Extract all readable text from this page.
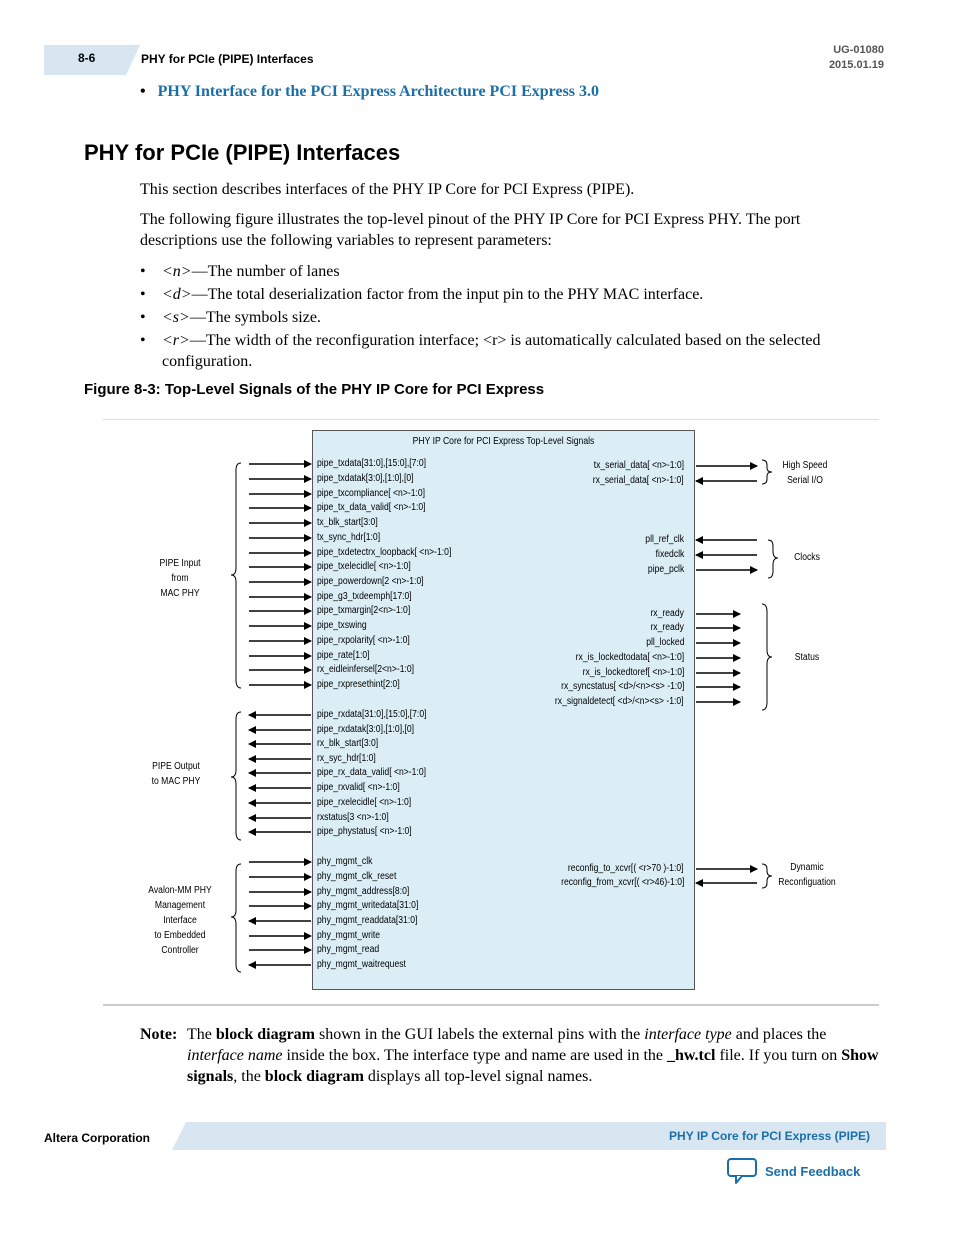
8-6	PHY for PCIe (PIPE) Interfaces
UG-01080
2015.01.19
• PHY Interface for the PCI Express Architecture PCI Express 3.0
PHY for PCIe (PIPE) Interfaces

This section describes interfaces of the PHY IP Core for PCI Express (PIPE).

The following figure illustrates the top-level pinout of the PHY IP Core for PCI Express PHY. The port descriptions use the following variables to represent parameters:

• <n>—The number of lanes
• <d>—The total deserialization factor from the input pin to the PHY MAC interface.
• <s>—The symbols size.
• <r>—The width of the reconfiguration interface; <r> is automatically calculated based on the selected configuration.
Figure 8-3: Top-Level Signals of the PHY IP Core for PCI Express
PHY IP Core for PCI Express Top-Level Signals
pipe_txdata[31:0],[15:0],[7:0]
pipe_txdatak[3:0],[1:0],[0]
pipe_txcompliance[ <n>-1:0]
pipe_tx_data_valid[ <n>-1:0]
tx_blk_start[3:0]
tx_sync_hdr[1:0]
pipe_txdetectrx_loopback[ <n>-1:0]
pipe_txelecidle[ <n>-1:0]
pipe_powerdown[2 <n>-1:0]
pipe_g3_txdeemph[17:0]
pipe_txmargin[2<n>-1:0]
pipe_txswing
pipe_rxpolarity[ <n>-1:0]
pipe_rate[1:0]
rx_eidleinfersel[2<n>-1:0]
pipe_rxpresethint[2:0]
pipe_rxdata[31:0],[15:0],[7:0]
pipe_rxdatak[3:0],[1:0],[0]
rx_blk_start[3:0]
rx_syc_hdr[1:0]
pipe_rx_data_valid[ <n>-1:0]
pipe_rxvalid[ <n>-1:0]
pipe_rxelecidle[ <n>-1:0]
rxstatus[3 <n>-1:0]
pipe_phystatus[ <n>-1:0]
phy_mgmt_clk
phy_mgmt_clk_reset
phy_mgmt_address[8:0]
phy_mgmt_writedata[31:0]
phy_mgmt_readdata[31:0]
phy_mgmt_write
phy_mgmt_read
phy_mgmt_waitrequest
tx_serial_data[ <n>-1:0]
rx_serial_data[ <n>-1:0]
pll_ref_clk
fixedclk
pipe_pclk
rx_ready
rx_ready
pll_locked
rx_is_lockedtodata[ <n>-1:0]
rx_is_lockedtoref[ <n>-1:0]
rx_syncstatus[ <d>/<n><s> -1:0]
rx_signaldetect[ <d>/<n><s> -1:0]
reconfig_to_xcvr[( <r>70 )-1:0]
reconfig_from_xcvr[( <r>46)-1:0]
PIPE Input
from
MAC PHY
PIPE Output
to MAC PHY
Avalon-MM PHY
Management
Interface
to Embedded
Controller
High Speed
Serial I/O
Clocks
Status
Dynamic
Reconfiguation
Note: The block diagram shown in the GUI labels the external pins with the interface type and places the interface name inside the box. The interface type and name are used in the _hw.tcl file. If you turn on Show signals, the block diagram displays all top-level signal names.
Altera Corporation	PHY IP Core for PCI Express (PIPE)
Send Feedback
